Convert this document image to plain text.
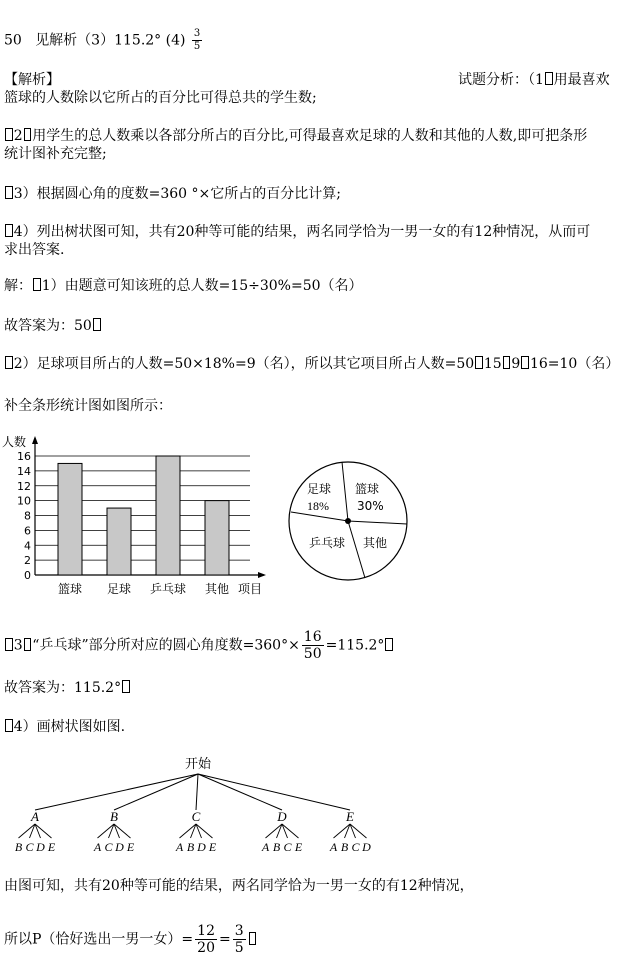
50 见解析（3）115.2° $(4) \frac{3}{5}$
【解析】	试题分析：（1 用最喜欢
篮球的人数除以它所占的百分比可得总共的学生数;
2 用学生的总人数乘以各部分所占的百分比,可得最喜欢足球的人数和其他的人数,即可把条形
统计图补充完整;
3）根据圆心角的度数=360 °×它所占的百分比计算;
4）列出树状图可知，共有20种等可能的结果，两名同学恰为一男一女的有12种情况，从而可
求出答案.
解： 1）由题意可知该班的总人数=15÷30%=50（名）
故答案为：50
2）足球项目所占的人数=50×18%=9（名），所以其它项目所占人数=50 15 9 16=10（名）
补全条形统计图如图所示：
0
2
4
6
8
10
12
14
16
人数
项目
篮球 足球 乒乓球 其他
足球
18%
篮球
30%
乒乓球 其他
3 “乒乓球”部分所对应的圆心角度数$=360^\circ\times \frac{16}{50} =115.2^\circ$
故答案为：115.2°
4）画树状图如图.
开始
A
B C D E
B
A C D E
C
A B D E
D
A B C E
E
A B C D
由图可知，共有20种等可能的结果，两名同学恰为一男一女的有12种情况，
所以P（恰好选出一男一女）= $\frac{12}{20} = \frac{3}{5}$
